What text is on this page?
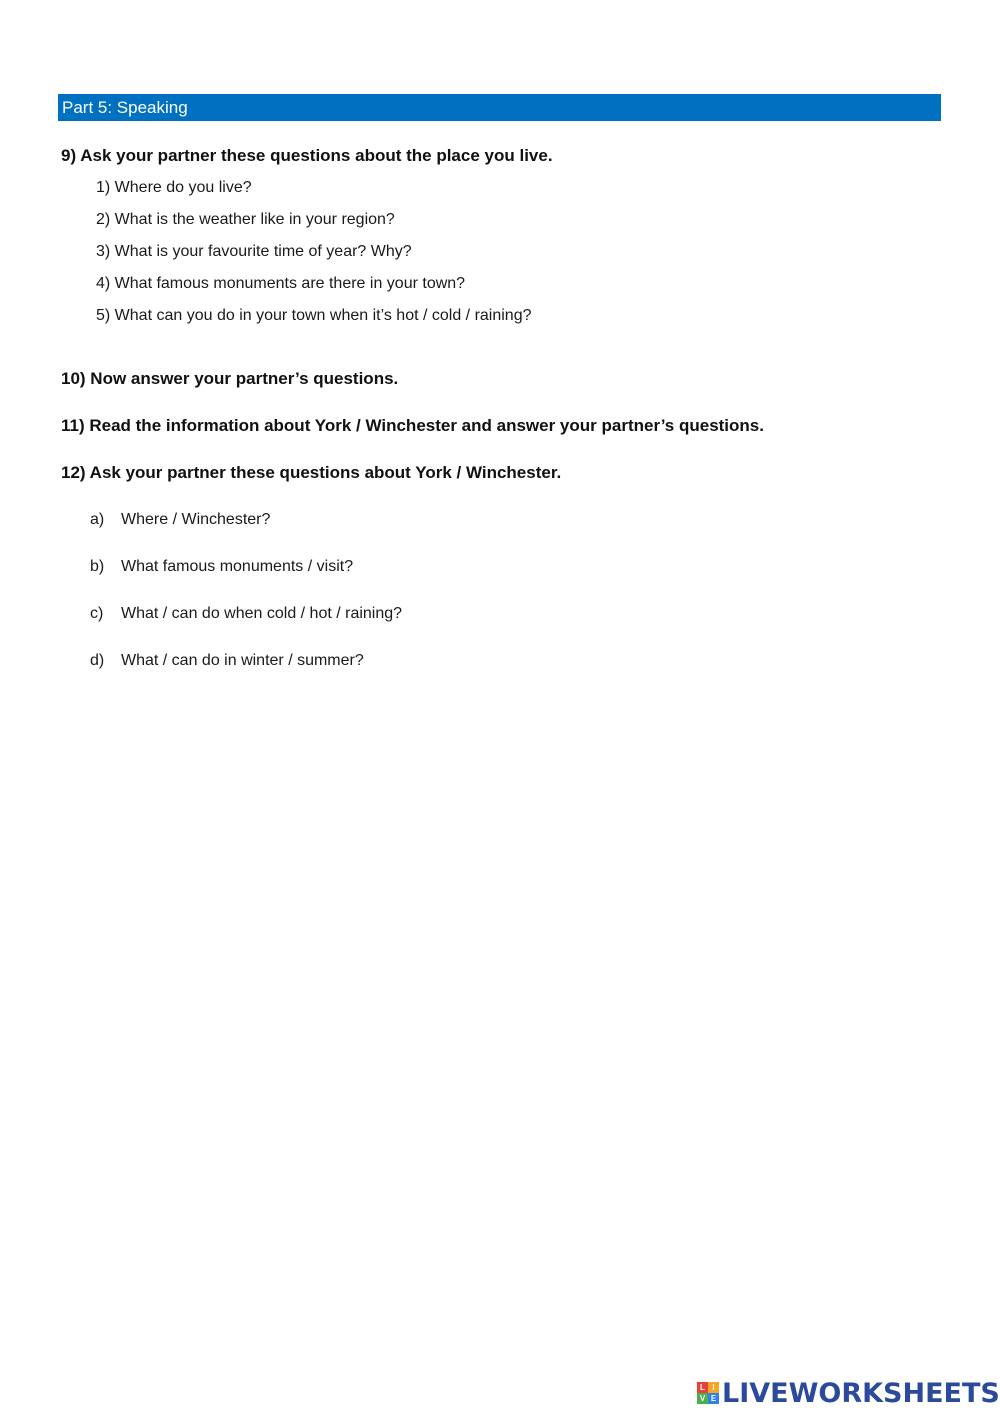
Part 5: Speaking
9) Ask your partner these questions about the place you live.
1) Where do you live?
2) What is the weather like in your region?
3) What is your favourite time of year? Why?
4) What famous monuments are there in your town?
5) What can you do in your town when it’s hot / cold / raining?
10) Now answer your partner’s questions.
11) Read the information about York / Winchester and answer your partner’s questions.
12) Ask your partner these questions about York / Winchester.
a)	Where / Winchester?
b)	What famous monuments / visit?
c)	What / can do when cold / hot / raining?
d)	What / can do in winter / summer?
L I
V E LIVEWORKSHEETS
